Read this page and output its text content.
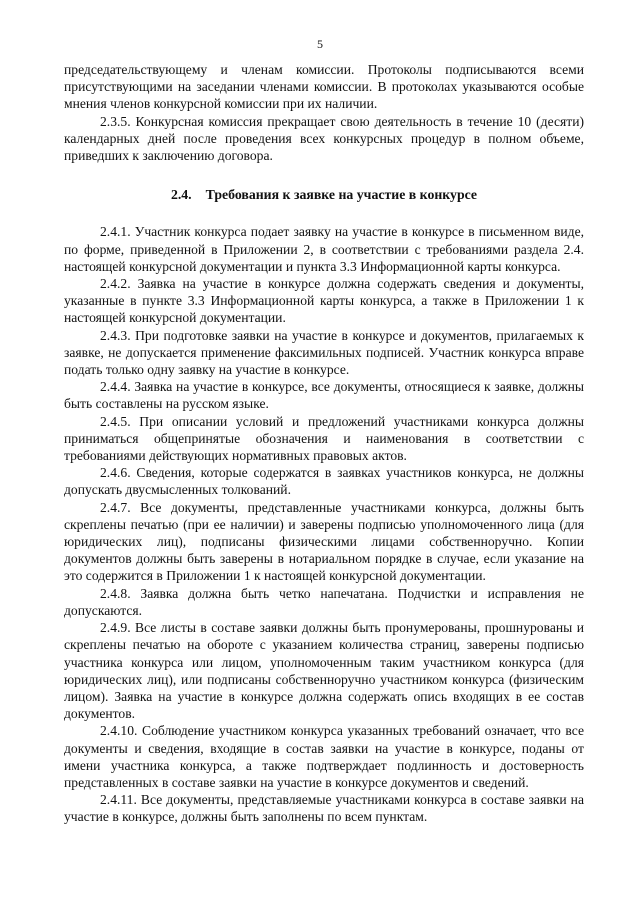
5

председательствующему и членам комиссии. Протоколы подписываются всеми присутствующими на заседании членами комиссии. В протоколах указываются особые мнения членов конкурсной комиссии при их наличии.

2.3.5. Конкурсная комиссия прекращает свою деятельность в течение 10 (десяти) календарных дней после проведения всех конкурсных процедур в полном объеме, приведших к заключению договора.

2.4. Требования к заявке на участие в конкурсе

2.4.1. Участник конкурса подает заявку на участие в конкурсе в письменном виде, по форме, приведенной в Приложении 2, в соответствии с требованиями раздела 2.4. настоящей конкурсной документации и пункта 3.3 Информационной карты конкурса.

2.4.2. Заявка на участие в конкурсе должна содержать сведения и документы, указанные в пункте 3.3 Информационной карты конкурса, а также в Приложении 1 к настоящей конкурсной документации.

2.4.3. При подготовке заявки на участие в конкурсе и документов, прилагаемых к заявке, не допускается применение факсимильных подписей. Участник конкурса вправе подать только одну заявку на участие в конкурсе.

2.4.4. Заявка на участие в конкурсе, все документы, относящиеся к заявке, должны быть составлены на русском языке.

2.4.5. При описании условий и предложений участниками конкурса должны приниматься общепринятые обозначения и наименования в соответствии с требованиями действующих нормативных правовых актов.

2.4.6. Сведения, которые содержатся в заявках участников конкурса, не должны допускать двусмысленных толкований.

2.4.7. Все документы, представленные участниками конкурса, должны быть скреплены печатью (при ее наличии) и заверены подписью уполномоченного лица (для юридических лиц), подписаны физическими лицами собственноручно. Копии документов должны быть заверены в нотариальном порядке в случае, если указание на это содержится в Приложении 1 к настоящей конкурсной документации.

2.4.8. Заявка должна быть четко напечатана. Подчистки и исправления не допускаются.

2.4.9. Все листы в составе заявки должны быть пронумерованы, прошнурованы и скреплены печатью на обороте с указанием количества страниц, заверены подписью участника конкурса или лицом, уполномоченным таким участником конкурса (для юридических лиц), или подписаны собственноручно участником конкурса (физическим лицом). Заявка на участие в конкурсе должна содержать опись входящих в ее состав документов.

2.4.10. Соблюдение участником конкурса указанных требований означает, что все документы и сведения, входящие в состав заявки на участие в конкурсе, поданы от имени участника конкурса, а также подтверждает подлинность и достоверность представленных в составе заявки на участие в конкурсе документов и сведений.

2.4.11. Все документы, представляемые участниками конкурса в составе заявки на участие в конкурсе, должны быть заполнены по всем пунктам.
